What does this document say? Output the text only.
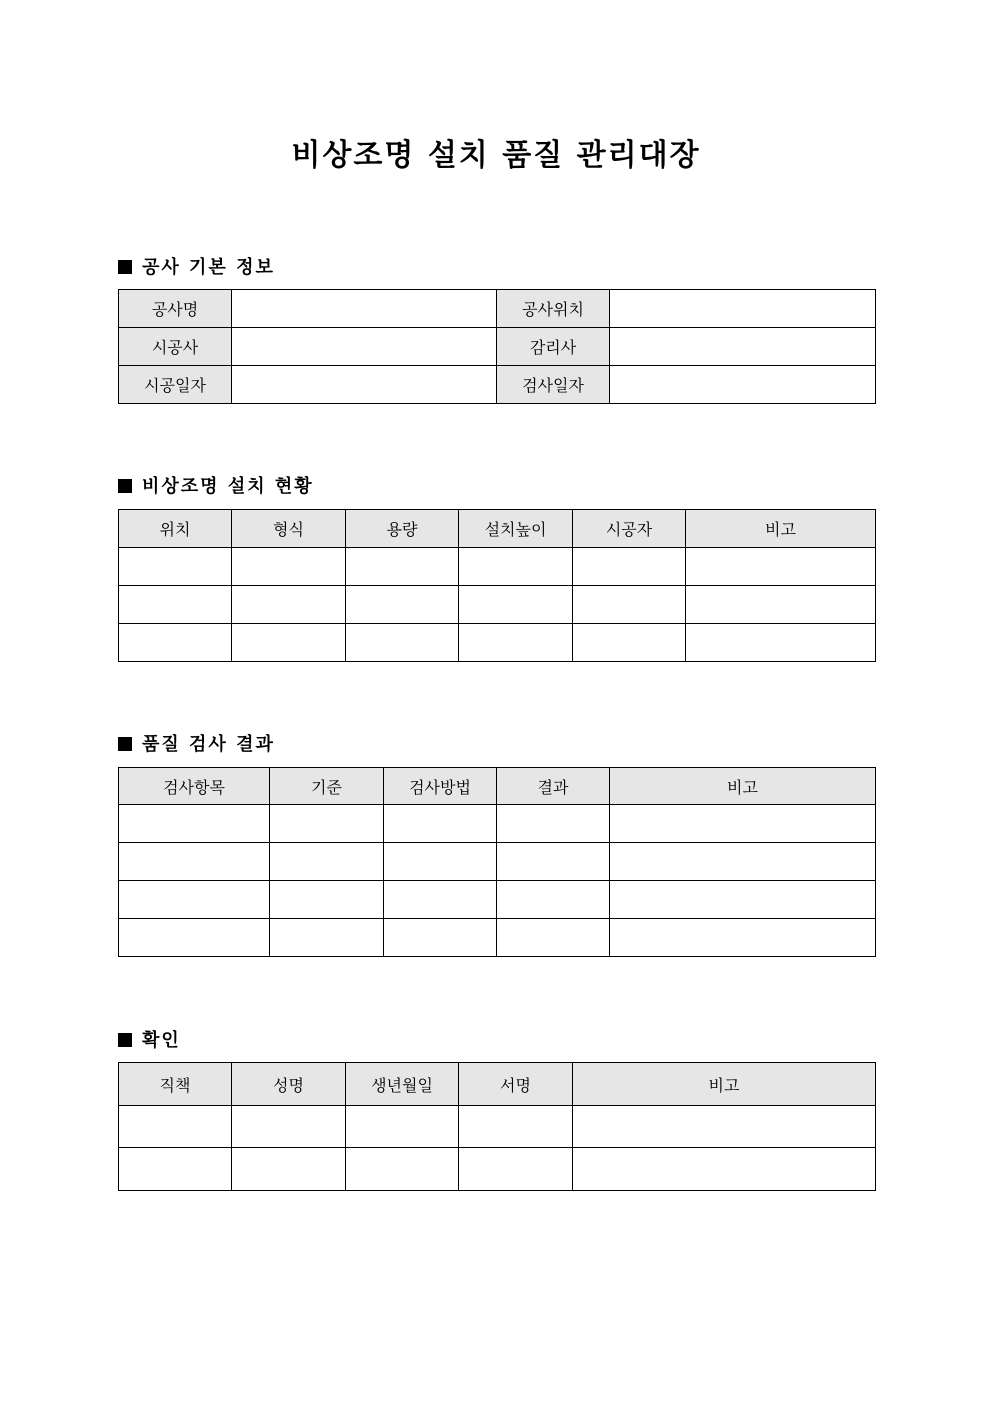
비상조명 설치 품질 관리대장
공사 기본 정보
공사명		공사위치	
시공사		감리사	
시공일자		검사일자	
비상조명 설치 현황
위치	형식	용량	설치높이	시공자	비고

품질 검사 결과
검사항목	기준	검사방법	결과	비고

확인
직책	성명	생년월일	서명	비고
